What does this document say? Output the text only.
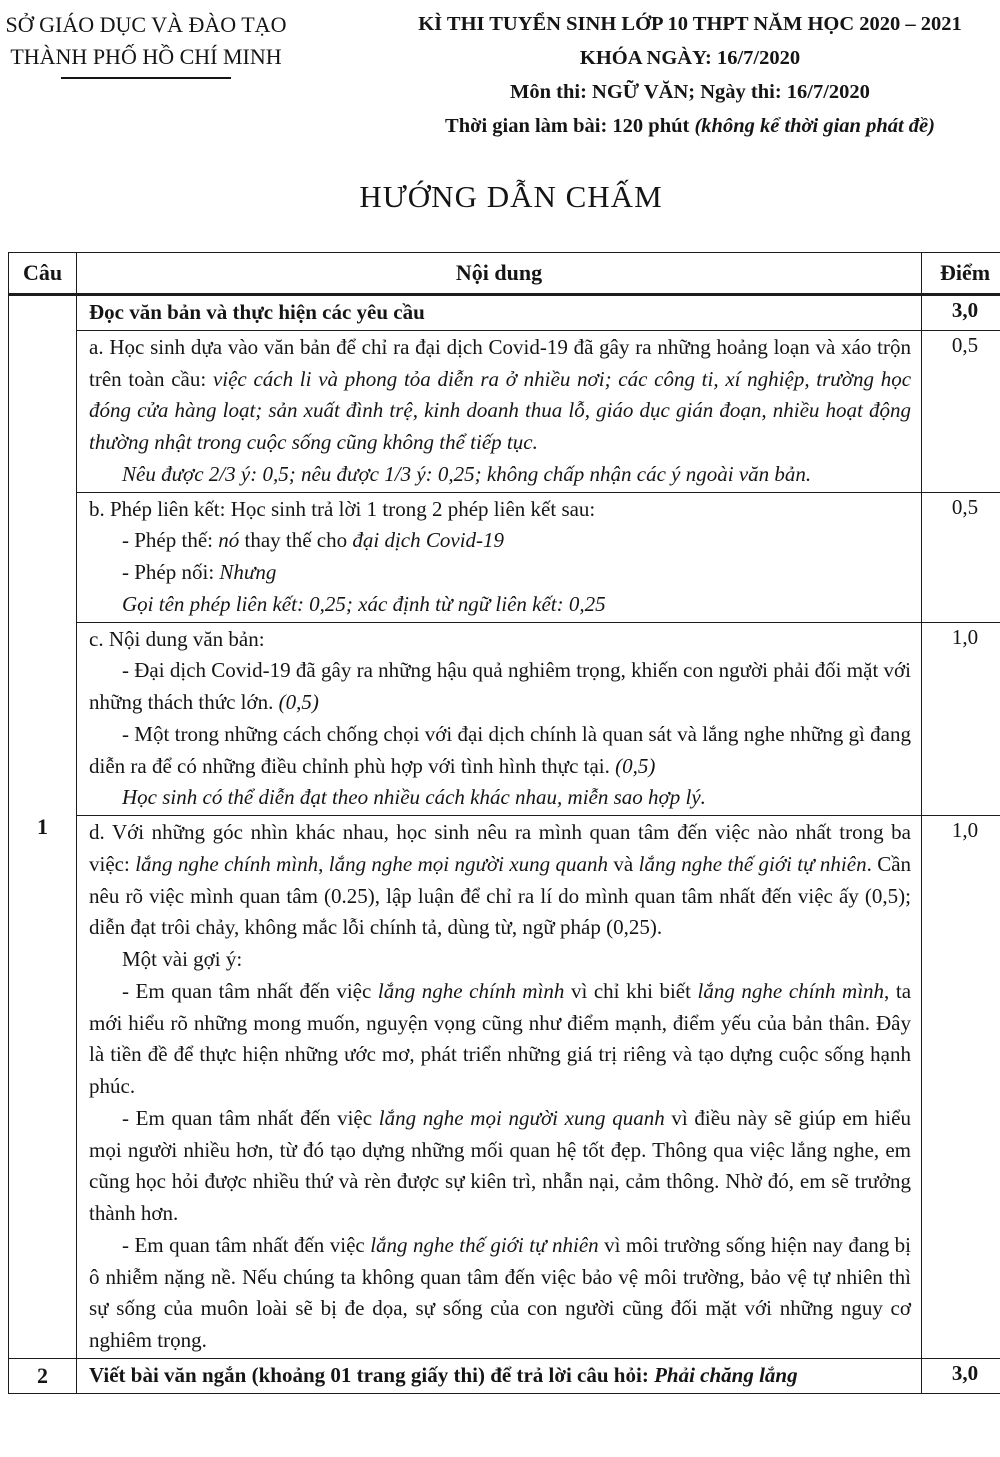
SỞ GIÁO DỤC VÀ ĐÀO TẠO
THÀNH PHỐ HỒ CHÍ MINH
KÌ THI TUYỂN SINH LỚP 10 THPT NĂM HỌC 2020 – 2021
KHÓA NGÀY: 16/7/2020
Môn thi: NGỮ VĂN; Ngày thi: 16/7/2020
Thời gian làm bài: 120 phút (không kể thời gian phát đề)
HƯỚNG DẪN CHẤM
Câu	Nội dung	Điểm
1	Đọc văn bản và thực hiện các yêu cầu	3,0

	a. Học sinh dựa vào văn bản để chỉ ra đại dịch Covid-19 đã gây ra những hoảng loạn và xáo trộn trên toàn cầu: việc cách li và phong tỏa diễn ra ở nhiều nơi; các công ti, xí nghiệp, trường học đóng cửa hàng loạt; sản xuất đình trệ, kinh doanh thua lỗ, giáo dục gián đoạn, nhiều hoạt động thường nhật trong cuộc sống cũng không thể tiếp tục.
Nêu được 2/3 ý: 0,5; nêu được 1/3 ý: 0,25; không chấp nhận các ý ngoài văn bản.	0,5

	b. Phép liên kết: Học sinh trả lời 1 trong 2 phép liên kết sau:
- Phép thế: nó thay thế cho đại dịch Covid-19
- Phép nối: Nhưng
Gọi tên phép liên kết: 0,25; xác định từ ngữ liên kết: 0,25	0,5

	c. Nội dung văn bản:
- Đại dịch Covid-19 đã gây ra những hậu quả nghiêm trọng, khiến con người phải đối mặt với những thách thức lớn. (0,5)
- Một trong những cách chống chọi với đại dịch chính là quan sát và lắng nghe những gì đang diễn ra để có những điều chỉnh phù hợp với tình hình thực tại. (0,5)
Học sinh có thể diễn đạt theo nhiều cách khác nhau, miễn sao hợp lý.	1,0

	d. Với những góc nhìn khác nhau, học sinh nêu ra mình quan tâm đến việc nào nhất trong ba việc: lắng nghe chính mình, lắng nghe mọi người xung quanh và lắng nghe thế giới tự nhiên. Cần nêu rõ việc mình quan tâm (0.25), lập luận để chỉ ra lí do mình quan tâm nhất đến việc ấy (0,5); diễn đạt trôi chảy, không mắc lỗi chính tả, dùng từ, ngữ pháp (0,25).
Một vài gợi ý:
- Em quan tâm nhất đến việc lắng nghe chính mình vì chỉ khi biết lắng nghe chính mình, ta mới hiểu rõ những mong muốn, nguyện vọng cũng như điểm mạnh, điểm yếu của bản thân. Đây là tiền đề để thực hiện những ước mơ, phát triển những giá trị riêng và tạo dựng cuộc sống hạnh phúc.
- Em quan tâm nhất đến việc lắng nghe mọi người xung quanh vì điều này sẽ giúp em hiểu mọi người nhiều hơn, từ đó tạo dựng những mối quan hệ tốt đẹp. Thông qua việc lắng nghe, em cũng học hỏi được nhiều thứ và rèn được sự kiên trì, nhẫn nại, cảm thông. Nhờ đó, em sẽ trưởng thành hơn.
- Em quan tâm nhất đến việc lắng nghe thế giới tự nhiên vì môi trường sống hiện nay đang bị ô nhiễm nặng nề. Nếu chúng ta không quan tâm đến việc bảo vệ môi trường, bảo vệ tự nhiên thì sự sống của muôn loài sẽ bị đe dọa, sự sống của con người cũng đối mặt với những nguy cơ nghiêm trọng.	1,0
2	Viết bài văn ngắn (khoảng 01 trang giấy thi) để trả lời câu hỏi: Phải chăng lắng	3,0
